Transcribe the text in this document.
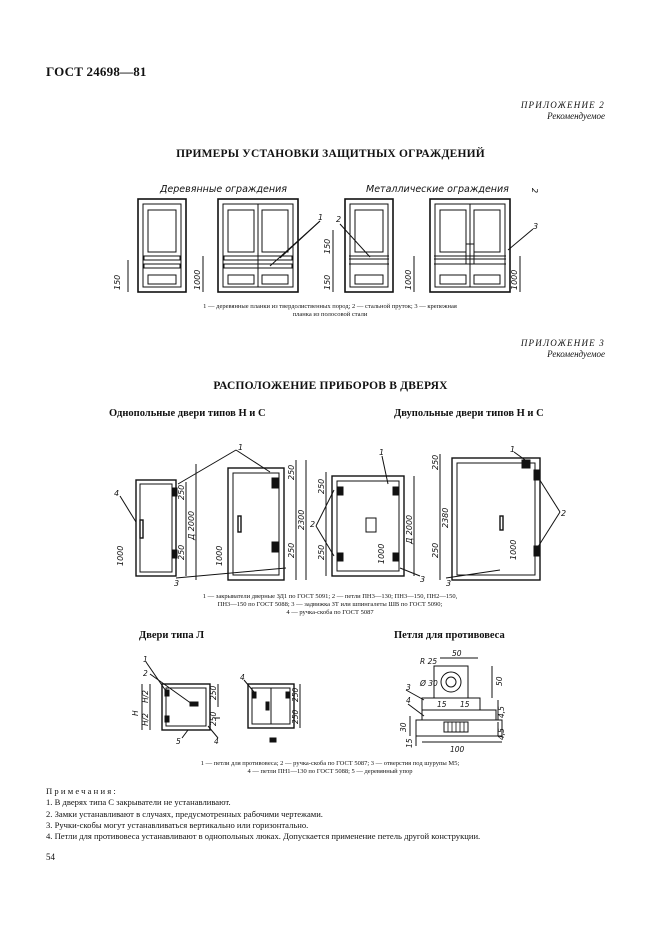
ГОСТ 24698—81
ПРИЛОЖЕНИЕ 2
Рекомендуемое
ПРИМЕРЫ УСТАНОВКИ ЗАЩИТНЫХ ОГРАЖДЕНИЙ
Деревянные ограждения	Металлические ограждения
150	1000
150
150	1000	1000
1 2
3
2
1 — деревянные планки из твердолиственных пород; 2 — стальной пруток; 3 — крепежная
планка из полосовой стали
ПРИЛОЖЕНИЕ 3
Рекомендуемое
РАСПОЛОЖЕНИЕ ПРИБОРОВ В ДВЕРЯХ
Однопольные двери типов Н и С	Двупольные двери типов Н и С
250
Д 2000
250
1000
250
2300
250
1000
250
250
Д 2000
1000
250
2380
250	1000
1
1	1
4
2
2
3	3	3
1 — закрыватели дверные ЗД1 по ГОСТ 5091; 2 — петли ПН3—130; ПН3—150, ПН2—150,
ПН3—150 по ГОСТ 5088; 3 — задвижка ЗТ или шпингалеты ШВ по ГОСТ 5090;
4 — ручка-скоба по ГОСТ 5087
Двери типа Л	Петля для противовеса
Н
Н/2
Н/2
250
250
250
250
1
2
5	4
4
R 25
50
Ø 30	50
15 15
4,5
4,5
100
30
15
3
4
1 — петли для противовеса; 2 — ручка-скоба по ГОСТ 5087; 3 — отверстия под шурупы М5;
4 — петли ПН1—130 по ГОСТ 5088; 5 — деревянный упор
Примечания:
1. В дверях типа С закрыватели не устанавливают.
2. Замки устанавливают в случаях, предусмотренных рабочими чертежами.
3. Ручки-скобы могут устанавливаться вертикально или горизонтально.
4. Петли для противовеса устанавливают в однопольных люках. Допускается применение петель другой конструкции.
54
